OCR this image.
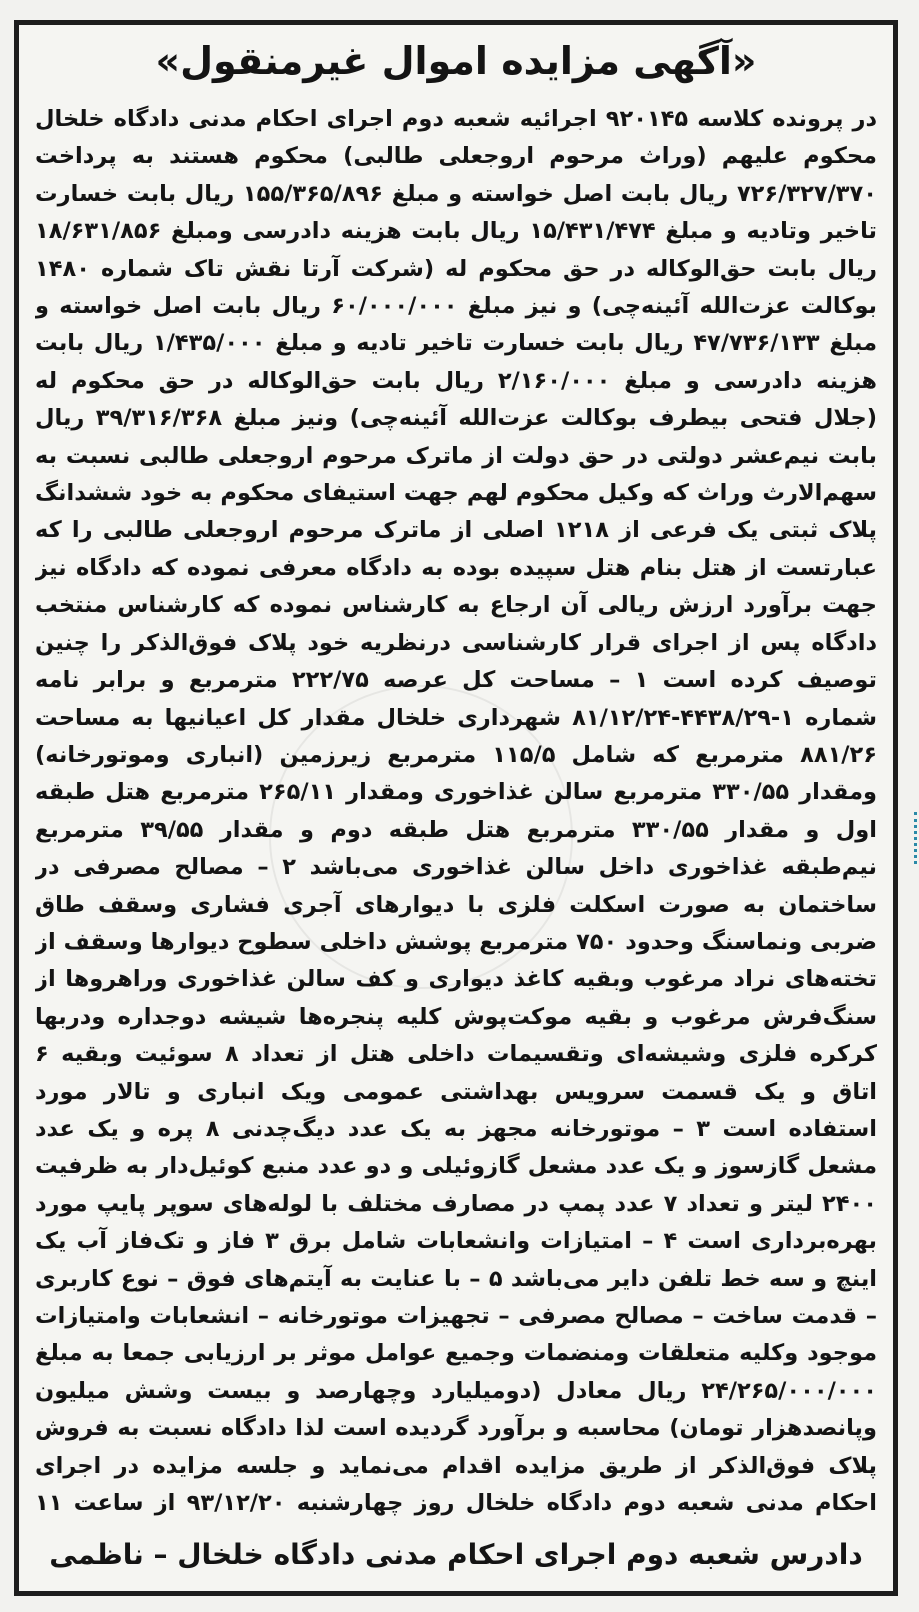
«آگهی مزایده اموال غیرمنقول»
در پرونده کلاسه ۹۲۰۱۴۵ اجرائیه شعبه دوم اجرای احکام مدنی دادگاه خلخال محکوم علیهم (وراث مرحوم اروجعلی طالبی) محکوم هستند به پرداخت ۷۲۶/۳۲۷/۳۷۰ ریال بابت اصل خواسته و مبلغ ۱۵۵/۳۶۵/۸۹۶ ریال بابت خسارت تاخیر وتادیه و مبلغ ۱۵/۴۳۱/۴۷۴ ریال بابت هزینه دادرسی ومبلغ ۱۸/۶۳۱/۸۵۶ ریال بابت حق‌الوکاله در حق محکوم له (شرکت آرتا نقش تاک شماره ۱۴۸۰ بوکالت عزت‌الله آئینه‌چی) و نیز مبلغ ۶۰/۰۰۰/۰۰۰ ریال بابت اصل خواسته و مبلغ ۴۷/۷۳۶/۱۳۳ ریال بابت خسارت تاخیر تادیه و مبلغ ۱/۴۳۵/۰۰۰ ریال بابت هزینه دادرسی و مبلغ ۲/۱۶۰/۰۰۰ ریال بابت حق‌الوکاله در حق محکوم له (جلال فتحی بیطرف بوکالت عزت‌الله آئینه‌چی) ونیز مبلغ ۳۹/۳۱۶/۳۶۸ ریال بابت نیم‌عشر دولتی در حق دولت از ماترک مرحوم اروجعلی طالبی نسبت به سهم‌الارث وراث که وکیل محکوم لهم جهت استیفای محکوم به خود ششدانگ پلاک ثبتی یک فرعی از ۱۲۱۸ اصلی از ماترک مرحوم اروجعلی طالبی را که عبارتست از هتل بنام هتل سپیده بوده به دادگاه معرفی نموده که دادگاه نیز جهت برآورد ارزش ریالی آن ارجاع به کارشناس نموده که کارشناس منتخب دادگاه پس از اجرای قرار کارشناسی درنظریه خود پلاک فوق‌الذکر را چنین توصیف کرده است ۱ – مساحت کل عرصه ۲۲۲/۷۵ مترمربع و برابر نامه شماره ۱-۴۴۳۸/۲۹-۸۱/۱۲/۲۴ شهرداری خلخال مقدار کل اعیانیها به مساحت ۸۸۱/۲۶ مترمربع که شامل ۱۱۵/۵ مترمربع زیرزمین (انباری وموتورخانه) ومقدار ۳۳۰/۵۵ مترمربع سالن غذاخوری ومقدار ۲۶۵/۱۱ مترمربع هتل طبقه اول و مقدار ۳۳۰/۵۵ مترمربع هتل طبقه دوم و مقدار ۳۹/۵۵ مترمربع نیم‌طبقه غذاخوری داخل سالن غذاخوری می‌باشد ۲ – مصالح مصرفی در ساختمان به صورت اسکلت فلزی با دیوارهای آجری فشاری وسقف طاق ضربی ونماسنگ وحدود ۷۵۰ مترمربع پوشش داخلی سطوح دیوارها وسقف از تخته‌های نراد مرغوب وبقیه کاغذ دیواری و کف سالن غذاخوری وراهروها از سنگ‌فرش مرغوب و بقیه موکت‌پوش کلیه پنجره‌ها شیشه دوجداره ودربها کرکره فلزی وشیشه‌ای وتقسیمات داخلی هتل از تعداد ۸ سوئیت وبقیه ۶ اتاق و یک قسمت سرویس بهداشتی عمومی ویک انباری و تالار مورد استفاده است ۳ – موتورخانه مجهز به یک عدد دیگ‌چدنی ۸ پره و یک عدد مشعل گازسوز و یک عدد مشعل گازوئیلی و دو عدد منبع کوئیل‌دار به ظرفیت ۲۴۰۰ لیتر و تعداد ۷ عدد پمپ در مصارف مختلف با لوله‌های سوپر پایپ مورد بهره‌برداری است ۴ – امتیازات وانشعابات شامل برق ۳ فاز و تک‌فاز آب یک اینچ و سه خط تلفن دایر می‌باشد ۵ – با عنایت به آیتم‌های فوق – نوع کاربری – قدمت ساخت – مصالح مصرفی – تجهیزات موتورخانه – انشعابات وامتیازات موجود وکلیه متعلقات ومنضمات وجمیع عوامل موثر بر ارزیابی جمعا به مبلغ ۲۴/۲۶۵/۰۰۰/۰۰۰ ریال معادل (دومیلیارد وچهارصد و بیست وشش میلیون وپانصدهزار تومان) محاسبه و برآورد گردیده است لذا دادگاه نسبت به فروش پلاک فوق‌الذکر از طریق مزایده اقدام می‌نماید و جلسه مزایده در اجرای احکام مدنی شعبه دوم دادگاه خلخال روز چهارشنبه ۹۳/۱۲/۲۰ از ساعت ۱۱
دادرس شعبه دوم اجرای احکام مدنی دادگاه خلخال – ناظمی
